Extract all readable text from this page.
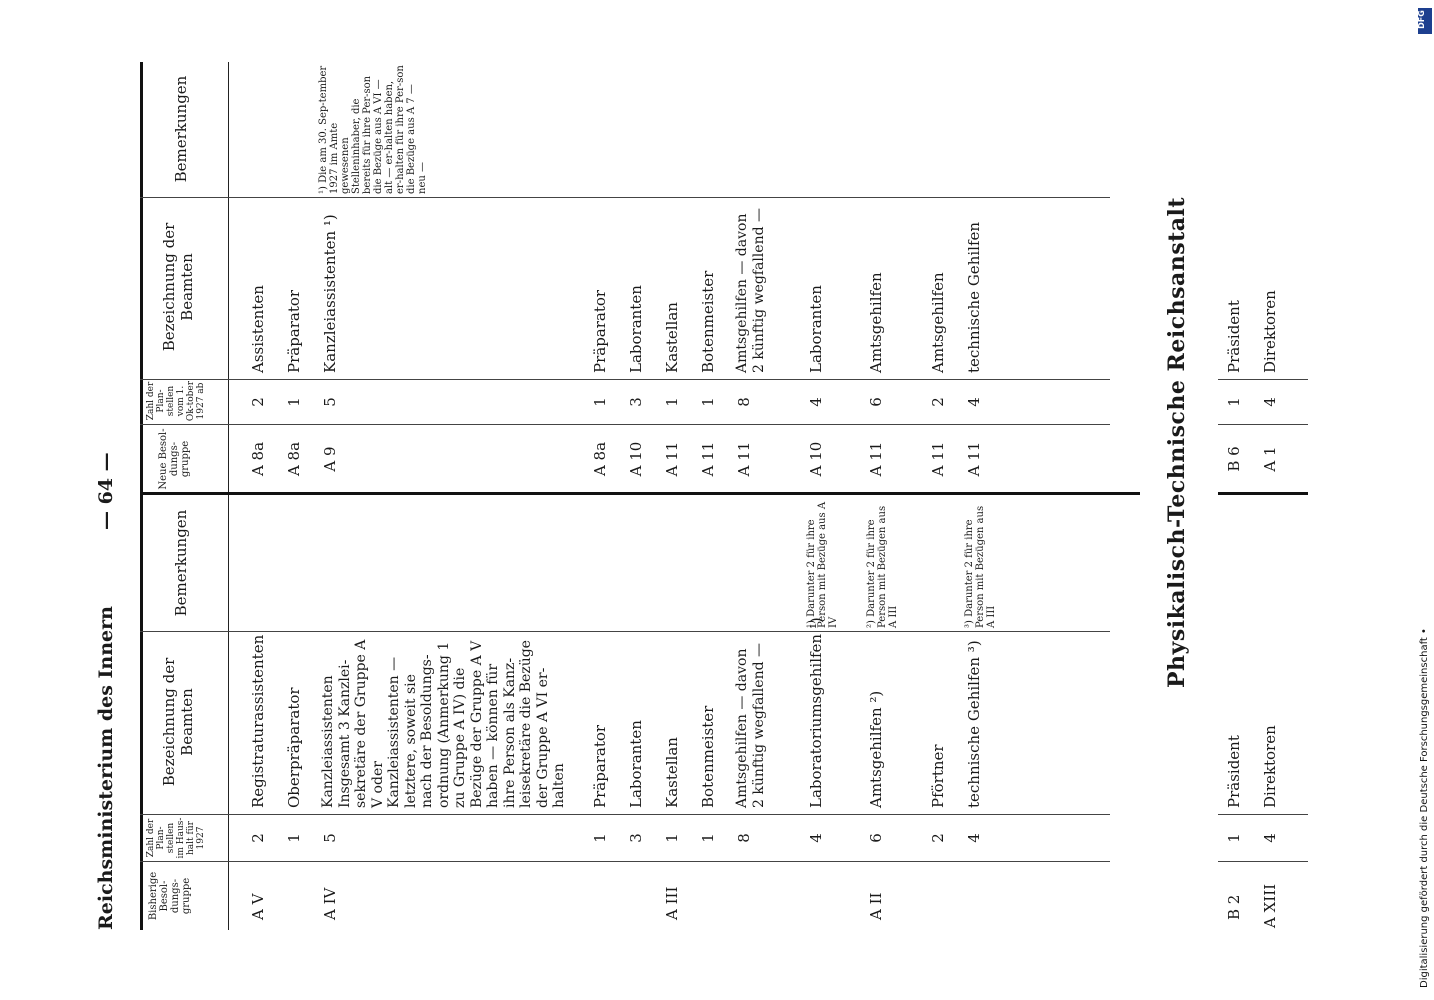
Reichsministerium des Innern
— 64 —
Bisherige Besol-dungs-gruppe
Zahl der Plan-stellen im Haus-halt für 1927
Bezeichnung der Beamten
Bemerkungen
Neue Besol-dungs-gruppe
Zahl der Plan-stellen vom 1. Ok-tober 1927 ab
Bezeichnung der Beamten
Bemerkungen
A V
2
Registraturassistenten
1
Oberpräparator
A IV
5
Kanzleiassistenten
Insgesamt 3 Kanzlei-sekretäre der Gruppe A V oder Kanzleiassistenten — letztere, soweit sie nach der Besoldungs-ordnung (Anmerkung 1 zu Gruppe A IV) die Bezüge der Gruppe A V haben — können für ihre Person als Kanz-leisekretäre die Bezüge der Gruppe A VI er-halten
1
Präparator
3
Laboranten
A III
1
Kastellan
1
Botenmeister
8
Amtsgehilfen — davon 2 künftig wegfallend —
4
Laboratoriumsgehilfen ¹)
¹) Darunter 2 für ihre Person mit Bezüge aus A IV
A II
6
Amtsgehilfen ²)
²) Darunter 2 für ihre Person mit Bezügen aus A III
2
Pförtner
4
technische Gehilfen ³)
³) Darunter 2 für ihre Person mit Bezügen aus A III
A 8a
2
Assistenten
A 8a
1
Präparator
A 9
5
Kanzleiassistenten ¹)
¹) Die am 30. Sep-tember 1927 im Amte gewesenen Stelleninhaber, die bereits für ihre Per-son die Bezüge aus A VI — alt — er-halten haben, er-halten für ihre Per-son die Bezüge aus A 7 — neu —
A 8a
1
Präparator
A 10
3
Laboranten
A 11
1
Kastellan
A 11
1
Botenmeister
A 11
8
Amtsgehilfen — davon 2 künftig wegfallend —
A 10
4
Laboranten
A 11
6
Amtsgehilfen
A 11
2
Amtsgehilfen
A 11
4
technische Gehilfen	Physikalisch-Technische Reichsanstalt
B 2
1
Präsident
B 6
1
Präsident
A XIII
4
Direktoren
A 1
4
Direktoren
DFG
Digitalisierung gefördert durch die Deutsche Forschungsgemeinschaft •
